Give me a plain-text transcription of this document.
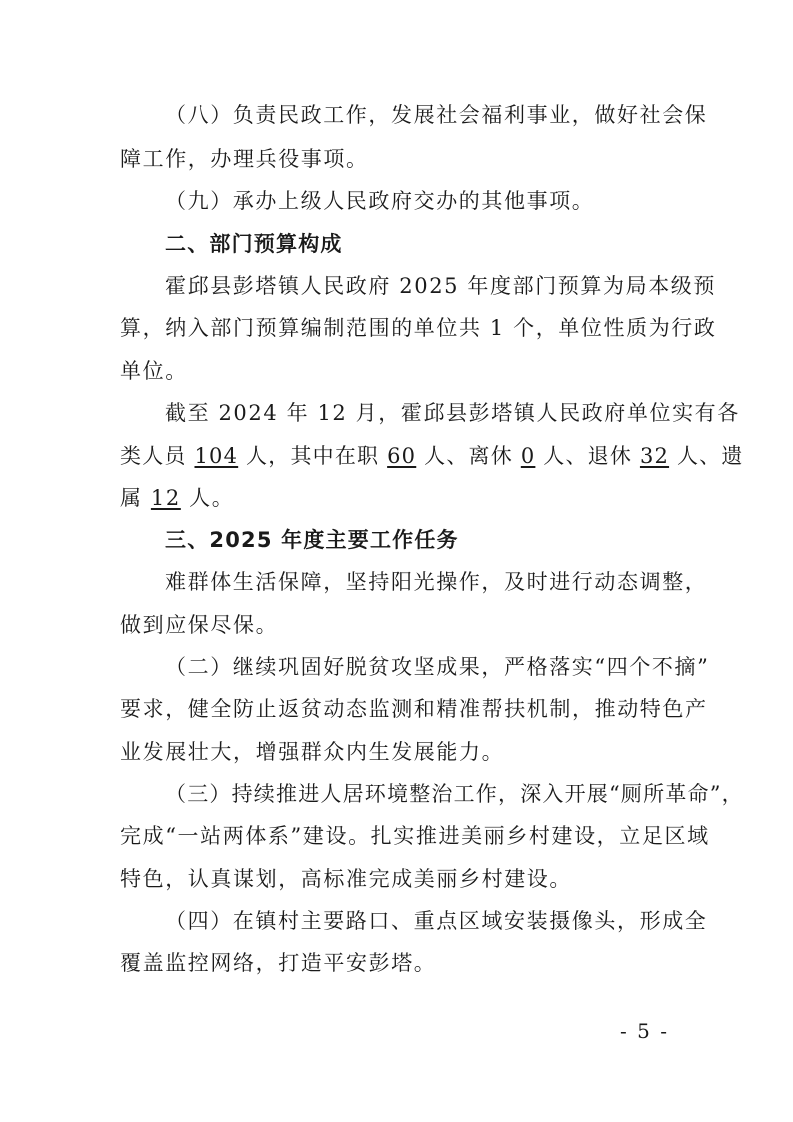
（八）负责民政工作，发展社会福利事业，做好社会保
障工作，办理兵役事项。
（九）承办上级人民政府交办的其他事项。
二、部门预算构成
霍邱县彭塔镇人民政府 2025 年度部门预算为局本级预
算，纳入部门预算编制范围的单位共 1 个，单位性质为行政
单位。
截至 2024 年 12 月，霍邱县彭塔镇人民政府单位实有各
类人员 104 人，其中在职 60 人、离休 0 人、退休 32 人、遗
属 12 人。
三、2025 年度主要工作任务
难群体生活保障，坚持阳光操作，及时进行动态调整，
做到应保尽保。
（二）继续巩固好脱贫攻坚成果，严格落实“四个不摘”
要求，健全防止返贫动态监测和精准帮扶机制，推动特色产
业发展壮大，增强群众内生发展能力。
（三）持续推进人居环境整治工作，深入开展“厕所革命”，
完成“一站两体系”建设。扎实推进美丽乡村建设，立足区域
特色，认真谋划，高标准完成美丽乡村建设。
（四）在镇村主要路口、重点区域安装摄像头，形成全
覆盖监控网络，打造平安彭塔。
- 5 -
